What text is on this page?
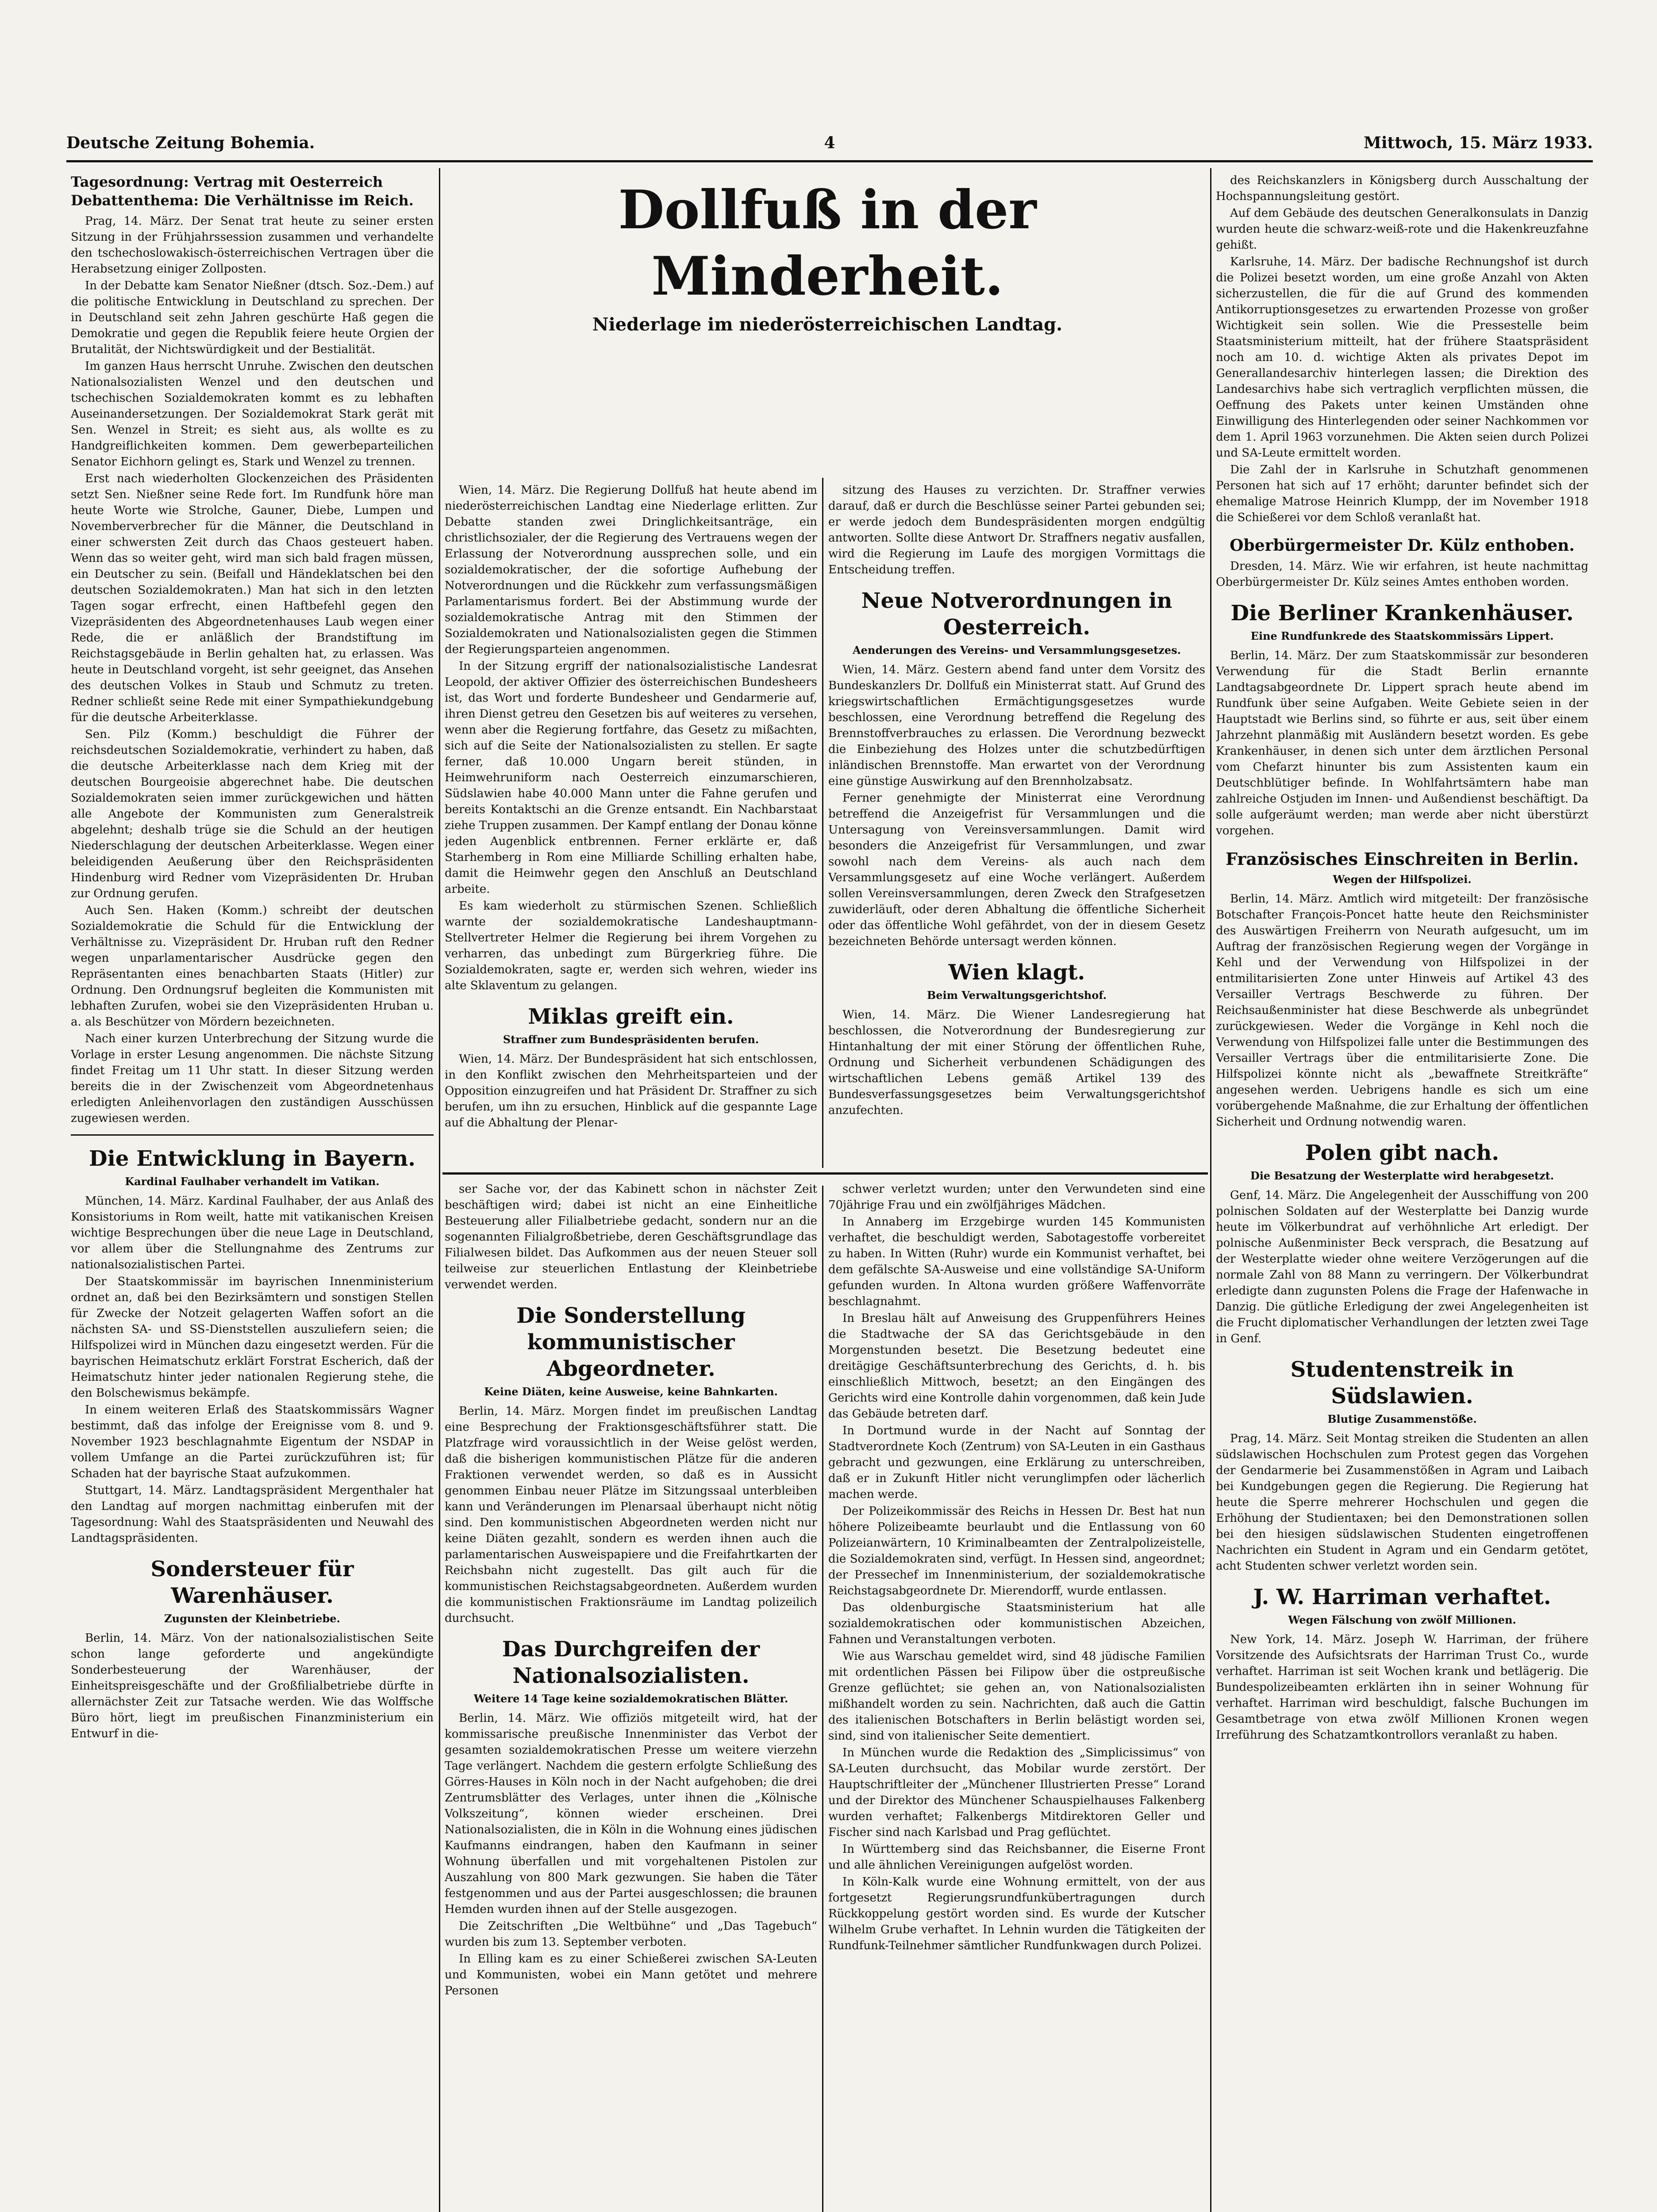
Deutsche Zeitung Bohemia.	4	Mittwoch, 15. März 1933.
Dollfuß in der Minderheit.
Niederlage im niederösterreichischen Landtag.
Tagesordnung: Vertrag mit Oesterreich
Debattenthema: Die Verhältnisse im Reich.

Prag, 14. März. Der Senat trat heute zu seiner ersten Sitzung in der Frühjahrssession zusammen und verhandelte den tschechoslowakisch-österreichischen Vertragen über die Herabsetzung einiger Zollposten.

In der Debatte kam Senator Nießner (dtsch. Soz.-Dem.) auf die politische Entwicklung in Deutschland zu sprechen. Der in Deutschland seit zehn Jahren geschürte Haß gegen die Demokratie und gegen die Republik feiere heute Orgien der Brutalität, der Nichtswürdigkeit und der Bestialität.

Im ganzen Haus herrscht Unruhe. Zwischen den deutschen Nationalsozialisten Wenzel und den deutschen und tschechischen Sozialdemokraten kommt es zu lebhaften Auseinandersetzungen. Der Sozialdemokrat Stark gerät mit Sen. Wenzel in Streit; es sieht aus, als wollte es zu Handgreiflichkeiten kommen. Dem gewerbeparteilichen Senator Eichhorn gelingt es, Stark und Wenzel zu trennen.

Erst nach wiederholten Glockenzeichen des Präsidenten setzt Sen. Nießner seine Rede fort. Im Rundfunk höre man heute Worte wie Strolche, Gauner, Diebe, Lumpen und Novemberverbrecher für die Männer, die Deutschland in einer schwersten Zeit durch das Chaos gesteuert haben. Wenn das so weiter geht, wird man sich bald fragen müssen, ein Deutscher zu sein. (Beifall und Händeklatschen bei den deutschen Sozialdemokraten.) Man hat sich in den letzten Tagen sogar erfrecht, einen Haftbefehl gegen den Vizepräsidenten des Abgeordnetenhauses Laub wegen einer Rede, die er anläßlich der Brandstiftung im Reichstagsgebäude in Berlin gehalten hat, zu erlassen. Was heute in Deutschland vorgeht, ist sehr geeignet, das Ansehen des deutschen Volkes in Staub und Schmutz zu treten. Redner schließt seine Rede mit einer Sympathiekundgebung für die deutsche Arbeiterklasse.

Sen. Pilz (Komm.) beschuldigt die Führer der reichsdeutschen Sozialdemokratie, verhindert zu haben, daß die deutsche Arbeiterklasse nach dem Krieg mit der deutschen Bourgeoisie abgerechnet habe. Die deutschen Sozialdemokraten seien immer zurückgewichen und hätten alle Angebote der Kommunisten zum Generalstreik abgelehnt; deshalb trüge sie die Schuld an der heutigen Niederschlagung der deutschen Arbeiterklasse. Wegen einer beleidigenden Aeußerung über den Reichspräsidenten Hindenburg wird Redner vom Vizepräsidenten Dr. Hruban zur Ordnung gerufen.

Auch Sen. Haken (Komm.) schreibt der deutschen Sozialdemokratie die Schuld für die Entwicklung der Verhältnisse zu. Vizepräsident Dr. Hruban ruft den Redner wegen unparlamentarischer Ausdrücke gegen den Repräsentanten eines benachbarten Staats (Hitler) zur Ordnung. Den Ordnungsruf begleiten die Kommunisten mit lebhaften Zurufen, wobei sie den Vizepräsidenten Hruban u. a. als Beschützer von Mördern bezeichneten.

Nach einer kurzen Unterbrechung der Sitzung wurde die Vorlage in erster Lesung angenommen. Die nächste Sitzung findet Freitag um 11 Uhr statt. In dieser Sitzung werden bereits die in der Zwischenzeit vom Abgeordnetenhaus erledigten Anleihenvorlagen den zuständigen Ausschüssen zugewiesen werden.

Die Entwicklung in Bayern.
Kardinal Faulhaber verhandelt im Vatikan.

München, 14. März. Kardinal Faulhaber, der aus Anlaß des Konsistoriums in Rom weilt, hatte mit vatikanischen Kreisen wichtige Besprechungen über die neue Lage in Deutschland, vor allem über die Stellungnahme des Zentrums zur nationalsozialistischen Partei.

Der Staatskommissär im bayrischen Innenministerium ordnet an, daß bei den Bezirksämtern und sonstigen Stellen für Zwecke der Notzeit gelagerten Waffen sofort an die nächsten SA- und SS-Dienststellen auszuliefern seien; die Hilfspolizei wird in München dazu eingesetzt werden. Für die bayrischen Heimatschutz erklärt Forstrat Escherich, daß der Heimatschutz hinter jeder nationalen Regierung stehe, die den Bolschewismus bekämpfe.

In einem weiteren Erlaß des Staatskommissärs Wagner bestimmt, daß das infolge der Ereignisse vom 8. und 9. November 1923 beschlagnahmte Eigentum der NSDAP in vollem Umfange an die Partei zurückzuführen ist; für Schaden hat der bayrische Staat aufzukommen.

Stuttgart, 14. März. Landtagspräsident Mergenthaler hat den Landtag auf morgen nachmittag einberufen mit der Tagesordnung: Wahl des Staatspräsidenten und Neuwahl des Landtagspräsidenten.

Sondersteuer für Warenhäuser.
Zugunsten der Kleinbetriebe.

Berlin, 14. März. Von der nationalsozialistischen Seite schon lange geforderte und angekündigte Sonderbesteuerung der Warenhäuser, der Einheitspreisgeschäfte und der Großfilialbetriebe dürfte in allernächster Zeit zur Tatsache werden. Wie das Wolffsche Büro hört, liegt im preußischen Finanzministerium ein Entwurf in die-

Wien, 14. März. Die Regierung Dollfuß hat heute abend im niederösterreichischen Landtag eine Niederlage erlitten. Zur Debatte standen zwei Dringlichkeitsanträge, ein christlichsozialer, der die Regierung des Vertrauens wegen der Erlassung der Notverordnung aussprechen solle, und ein sozialdemokratischer, der die sofortige Aufhebung der Notverordnungen und die Rückkehr zum verfassungsmäßigen Parlamentarismus fordert. Bei der Abstimmung wurde der sozialdemokratische Antrag mit den Stimmen der Sozialdemokraten und Nationalsozialisten gegen die Stimmen der Regierungsparteien angenommen.

In der Sitzung ergriff der nationalsozialistische Landesrat Leopold, der aktiver Offizier des österreichischen Bundesheers ist, das Wort und forderte Bundesheer und Gendarmerie auf, ihren Dienst getreu den Gesetzen bis auf weiteres zu versehen, wenn aber die Regierung fortfahre, das Gesetz zu mißachten, sich auf die Seite der Nationalsozialisten zu stellen. Er sagte ferner, daß 10.000 Ungarn bereit stünden, in Heimwehruniform nach Oesterreich einzumarschieren, Südslawien habe 40.000 Mann unter die Fahne gerufen und bereits Kontaktschi an die Grenze entsandt. Ein Nachbarstaat ziehe Truppen zusammen. Der Kampf entlang der Donau könne jeden Augenblick entbrennen. Ferner erklärte er, daß Starhemberg in Rom eine Milliarde Schilling erhalten habe, damit die Heimwehr gegen den Anschluß an Deutschland arbeite.

Es kam wiederholt zu stürmischen Szenen. Schließlich warnte der sozialdemokratische Landeshauptmann-Stellvertreter Helmer die Regierung bei ihrem Vorgehen zu verharren, das unbedingt zum Bürgerkrieg führe. Die Sozialdemokraten, sagte er, werden sich wehren, wieder ins alte Sklaventum zu gelangen.

Miklas greift ein.
Straffner zum Bundespräsidenten berufen.

Wien, 14. März. Der Bundespräsident hat sich entschlossen, in den Konflikt zwischen den Mehrheitsparteien und der Opposition einzugreifen und hat Präsident Dr. Straffner zu sich berufen, um ihn zu ersuchen, Hinblick auf die gespannte Lage auf die Abhaltung der Plenar-

sitzung des Hauses zu verzichten. Dr. Straffner verwies darauf, daß er durch die Beschlüsse seiner Partei gebunden sei; er werde jedoch dem Bundespräsidenten morgen endgültig antworten. Sollte diese Antwort Dr. Straffners negativ ausfallen, wird die Regierung im Laufe des morgigen Vormittags die Entscheidung treffen.

Neue Notverordnungen in Oesterreich.
Aenderungen des Vereins- und Versammlungsgesetzes.

Wien, 14. März. Gestern abend fand unter dem Vorsitz des Bundeskanzlers Dr. Dollfuß ein Ministerrat statt. Auf Grund des kriegswirtschaftlichen Ermächtigungsgesetzes wurde beschlossen, eine Verordnung betreffend die Regelung des Brennstoffverbrauches zu erlassen. Die Verordnung bezweckt die Einbeziehung des Holzes unter die schutzbedürftigen inländischen Brennstoffe. Man erwartet von der Verordnung eine günstige Auswirkung auf den Brennholzabsatz.

Ferner genehmigte der Ministerrat eine Verordnung betreffend die Anzeigefrist für Versammlungen und die Untersagung von Vereinsversammlungen. Damit wird besonders die Anzeigefrist für Versammlungen, und zwar sowohl nach dem Vereins- als auch nach dem Versammlungsgesetz auf eine Woche verlängert. Außerdem sollen Vereinsversammlungen, deren Zweck den Strafgesetzen zuwiderläuft, oder deren Abhaltung die öffentliche Sicherheit oder das öffentliche Wohl gefährdet, von der in diesem Gesetz bezeichneten Behörde untersagt werden können.

Wien klagt.
Beim Verwaltungsgerichtshof.

Wien, 14. März. Die Wiener Landesregierung hat beschlossen, die Notverordnung der Bundesregierung zur Hintanhaltung der mit einer Störung der öffentlichen Ruhe, Ordnung und Sicherheit verbundenen Schädigungen des wirtschaftlichen Lebens gemäß Artikel 139 des Bundesverfassungsgesetzes beim Verwaltungsgerichtshof anzufechten.

ser Sache vor, der das Kabinett schon in nächster Zeit beschäftigen wird; dabei ist nicht an eine Einheitliche Besteuerung aller Filialbetriebe gedacht, sondern nur an die sogenannten Filialgroßbetriebe, deren Geschäftsgrundlage das Filialwesen bildet. Das Aufkommen aus der neuen Steuer soll teilweise zur steuerlichen Entlastung der Kleinbetriebe verwendet werden.

Die Sonderstellung kommunistischer Abgeordneter.
Keine Diäten, keine Ausweise, keine Bahnkarten.

Berlin, 14. März. Morgen findet im preußischen Landtag eine Besprechung der Fraktionsgeschäftsführer statt. Die Platzfrage wird voraussichtlich in der Weise gelöst werden, daß die bisherigen kommunistischen Plätze für die anderen Fraktionen verwendet werden, so daß es in Aussicht genommen Einbau neuer Plätze im Sitzungssaal unterbleiben kann und Veränderungen im Plenarsaal überhaupt nicht nötig sind. Den kommunistischen Abgeordneten werden nicht nur keine Diäten gezahlt, sondern es werden ihnen auch die parlamentarischen Ausweispapiere und die Freifahrtkarten der Reichsbahn nicht zugestellt. Das gilt auch für die kommunistischen Reichstagsabgeordneten. Außerdem wurden die kommunistischen Fraktionsräume im Landtag polizeilich durchsucht.

Das Durchgreifen der Nationalsozialisten.
Weitere 14 Tage keine sozialdemokratischen Blätter.

Berlin, 14. März. Wie offiziös mitgeteilt wird, hat der kommissarische preußische Innenminister das Verbot der gesamten sozialdemokratischen Presse um weitere vierzehn Tage verlängert. Nachdem die gestern erfolgte Schließung des Görres-Hauses in Köln noch in der Nacht aufgehoben; die drei Zentrumsblätter des Verlages, unter ihnen die „Kölnische Volkszeitung“, können wieder erscheinen. Drei Nationalsozialisten, die in Köln in die Wohnung eines jüdischen Kaufmanns eindrangen, haben den Kaufmann in seiner Wohnung überfallen und mit vorgehaltenen Pistolen zur Auszahlung von 800 Mark gezwungen. Sie haben die Täter festgenommen und aus der Partei ausgeschlossen; die braunen Hemden wurden ihnen auf der Stelle ausgezogen.

Die Zeitschriften „Die Weltbühne“ und „Das Tagebuch“ wurden bis zum 13. September verboten.

In Elling kam es zu einer Schießerei zwischen SA-Leuten und Kommunisten, wobei ein Mann getötet und mehrere Personen

schwer verletzt wurden; unter den Verwundeten sind eine 70jährige Frau und ein zwölfjähriges Mädchen.

In Annaberg im Erzgebirge wurden 145 Kommunisten verhaftet, die beschuldigt werden, Sabotagestoffe vorbereitet zu haben. In Witten (Ruhr) wurde ein Kommunist verhaftet, bei dem gefälschte SA-Ausweise und eine vollständige SA-Uniform gefunden wurden. In Altona wurden größere Waffenvorräte beschlagnahmt.

In Breslau hält auf Anweisung des Gruppenführers Heines die Stadtwache der SA das Gerichtsgebäude in den Morgenstunden besetzt. Die Besetzung bedeutet eine dreitägige Geschäftsunterbrechung des Gerichts, d. h. bis einschließlich Mittwoch, besetzt; an den Eingängen des Gerichts wird eine Kontrolle dahin vorgenommen, daß kein Jude das Gebäude betreten darf.

In Dortmund wurde in der Nacht auf Sonntag der Stadtverordnete Koch (Zentrum) von SA-Leuten in ein Gasthaus gebracht und gezwungen, eine Erklärung zu unterschreiben, daß er in Zukunft Hitler nicht verunglimpfen oder lächerlich machen werde.

Der Polizeikommissär des Reichs in Hessen Dr. Best hat nun höhere Polizeibeamte beurlaubt und die Entlassung von 60 Polizeianwärtern, 10 Kriminalbeamten der Zentralpolizeistelle, die Sozialdemokraten sind, verfügt. In Hessen sind, angeordnet; der Pressechef im Innenministerium, der sozialdemokratische Reichstagsabgeordnete Dr. Mierendorff, wurde entlassen.

Das oldenburgische Staatsministerium hat alle sozialdemokratischen oder kommunistischen Abzeichen, Fahnen und Veranstaltungen verboten.

Wie aus Warschau gemeldet wird, sind 48 jüdische Familien mit ordentlichen Pässen bei Filipow über die ostpreußische Grenze geflüchtet; sie gehen an, von Nationalsozialisten mißhandelt worden zu sein. Nachrichten, daß auch die Gattin des italienischen Botschafters in Berlin belästigt worden sei, sind, sind von italienischer Seite dementiert.

In München wurde die Redaktion des „Simplicissimus“ von SA-Leuten durchsucht, das Mobilar wurde zerstört. Der Hauptschriftleiter der „Münchener Illustrierten Presse“ Lorand und der Direktor des Münchener Schauspielhauses Falkenberg wurden verhaftet; Falkenbergs Mitdirektoren Geller und Fischer sind nach Karlsbad und Prag geflüchtet.

In Württemberg sind das Reichsbanner, die Eiserne Front und alle ähnlichen Vereinigungen aufgelöst worden.

In Köln-Kalk wurde eine Wohnung ermittelt, von der aus fortgesetzt Regierungsrundfunkübertragungen durch Rückkoppelung gestört worden sind. Es wurde der Kutscher Wilhelm Grube verhaftet. In Lehnin wurden die Tätigkeiten der Rundfunk-Teilnehmer sämtlicher Rundfunkwagen durch Polizei.

des Reichskanzlers in Königsberg durch Ausschaltung der Hochspannungsleitung gestört.

Auf dem Gebäude des deutschen Generalkonsulats in Danzig wurden heute die schwarz-weiß-rote und die Hakenkreuzfahne gehißt.

Karlsruhe, 14. März. Der badische Rechnungshof ist durch die Polizei besetzt worden, um eine große Anzahl von Akten sicherzustellen, die für die auf Grund des kommenden Antikorruptionsgesetzes zu erwartenden Prozesse von großer Wichtigkeit sein sollen. Wie die Pressestelle beim Staatsministerium mitteilt, hat der frühere Staatspräsident noch am 10. d. wichtige Akten als privates Depot im Generallandesarchiv hinterlegen lassen; die Direktion des Landesarchivs habe sich vertraglich verpflichten müssen, die Oeffnung des Pakets unter keinen Umständen ohne Einwilligung des Hinterlegenden oder seiner Nachkommen vor dem 1. April 1963 vorzunehmen. Die Akten seien durch Polizei und SA-Leute ermittelt worden.

Die Zahl der in Karlsruhe in Schutzhaft genommenen Personen hat sich auf 17 erhöht; darunter befindet sich der ehemalige Matrose Heinrich Klumpp, der im November 1918 die Schießerei vor dem Schloß veranlaßt hat.

Oberbürgermeister Dr. Külz enthoben.

Dresden, 14. März. Wie wir erfahren, ist heute nachmittag Oberbürgermeister Dr. Külz seines Amtes enthoben worden.

Die Berliner Krankenhäuser.
Eine Rundfunkrede des Staatskommissärs Lippert.

Berlin, 14. März. Der zum Staatskommissär zur besonderen Verwendung für die Stadt Berlin ernannte Landtagsabgeordnete Dr. Lippert sprach heute abend im Rundfunk über seine Aufgaben. Weite Gebiete seien in der Hauptstadt wie Berlins sind, so führte er aus, seit über einem Jahrzehnt planmäßig mit Ausländern besetzt worden. Es gebe Krankenhäuser, in denen sich unter dem ärztlichen Personal vom Chefarzt hinunter bis zum Assistenten kaum ein Deutschblütiger befinde. In Wohlfahrtsämtern habe man zahlreiche Ostjuden im Innen- und Außendienst beschäftigt. Da solle aufgeräumt werden; man werde aber nicht überstürzt vorgehen.

Französisches Einschreiten in Berlin.
Wegen der Hilfspolizei.

Berlin, 14. März. Amtlich wird mitgeteilt: Der französische Botschafter François-Poncet hatte heute den Reichsminister des Auswärtigen Freiherrn von Neurath aufgesucht, um im Auftrag der französischen Regierung wegen der Vorgänge in Kehl und der Verwendung von Hilfspolizei in der entmilitarisierten Zone unter Hinweis auf Artikel 43 des Versailler Vertrags Beschwerde zu führen. Der Reichsaußenminister hat diese Beschwerde als unbegründet zurückgewiesen. Weder die Vorgänge in Kehl noch die Verwendung von Hilfspolizei falle unter die Bestimmungen des Versailler Vertrags über die entmilitarisierte Zone. Die Hilfspolizei könnte nicht als „bewaffnete Streitkräfte“ angesehen werden. Uebrigens handle es sich um eine vorübergehende Maßnahme, die zur Erhaltung der öffentlichen Sicherheit und Ordnung notwendig waren.

Polen gibt nach.
Die Besatzung der Westerplatte wird herabgesetzt.

Genf, 14. März. Die Angelegenheit der Ausschiffung von 200 polnischen Soldaten auf der Westerplatte bei Danzig wurde heute im Völkerbundrat auf verhöhnliche Art erledigt. Der polnische Außenminister Beck versprach, die Besatzung auf der Westerplatte wieder ohne weitere Verzögerungen auf die normale Zahl von 88 Mann zu verringern. Der Völkerbundrat erledigte dann zugunsten Polens die Frage der Hafenwache in Danzig. Die gütliche Erledigung der zwei Angelegenheiten ist die Frucht diplomatischer Verhandlungen der letzten zwei Tage in Genf.

Studentenstreik in Südslawien.
Blutige Zusammenstöße.

Prag, 14. März. Seit Montag streiken die Studenten an allen südslawischen Hochschulen zum Protest gegen das Vorgehen der Gendarmerie bei Zusammenstößen in Agram und Laibach bei Kundgebungen gegen die Regierung. Die Regierung hat heute die Sperre mehrerer Hochschulen und gegen die Erhöhung der Studientaxen; bei den Demonstrationen sollen bei den hiesigen südslawischen Studenten eingetroffenen Nachrichten ein Student in Agram und ein Gendarm getötet, acht Studenten schwer verletzt worden sein.

J. W. Harriman verhaftet.
Wegen Fälschung von zwölf Millionen.

New York, 14. März. Joseph W. Harriman, der frühere Vorsitzende des Aufsichtsrats der Harriman Trust Co., wurde verhaftet. Harriman ist seit Wochen krank und betlägerig. Die Bundespolizeibeamten erklärten ihn in seiner Wohnung für verhaftet. Harriman wird beschuldigt, falsche Buchungen im Gesamtbetrage von etwa zwölf Millionen Kronen wegen Irreführung des Schatzamtkontrollors veranlaßt zu haben.
